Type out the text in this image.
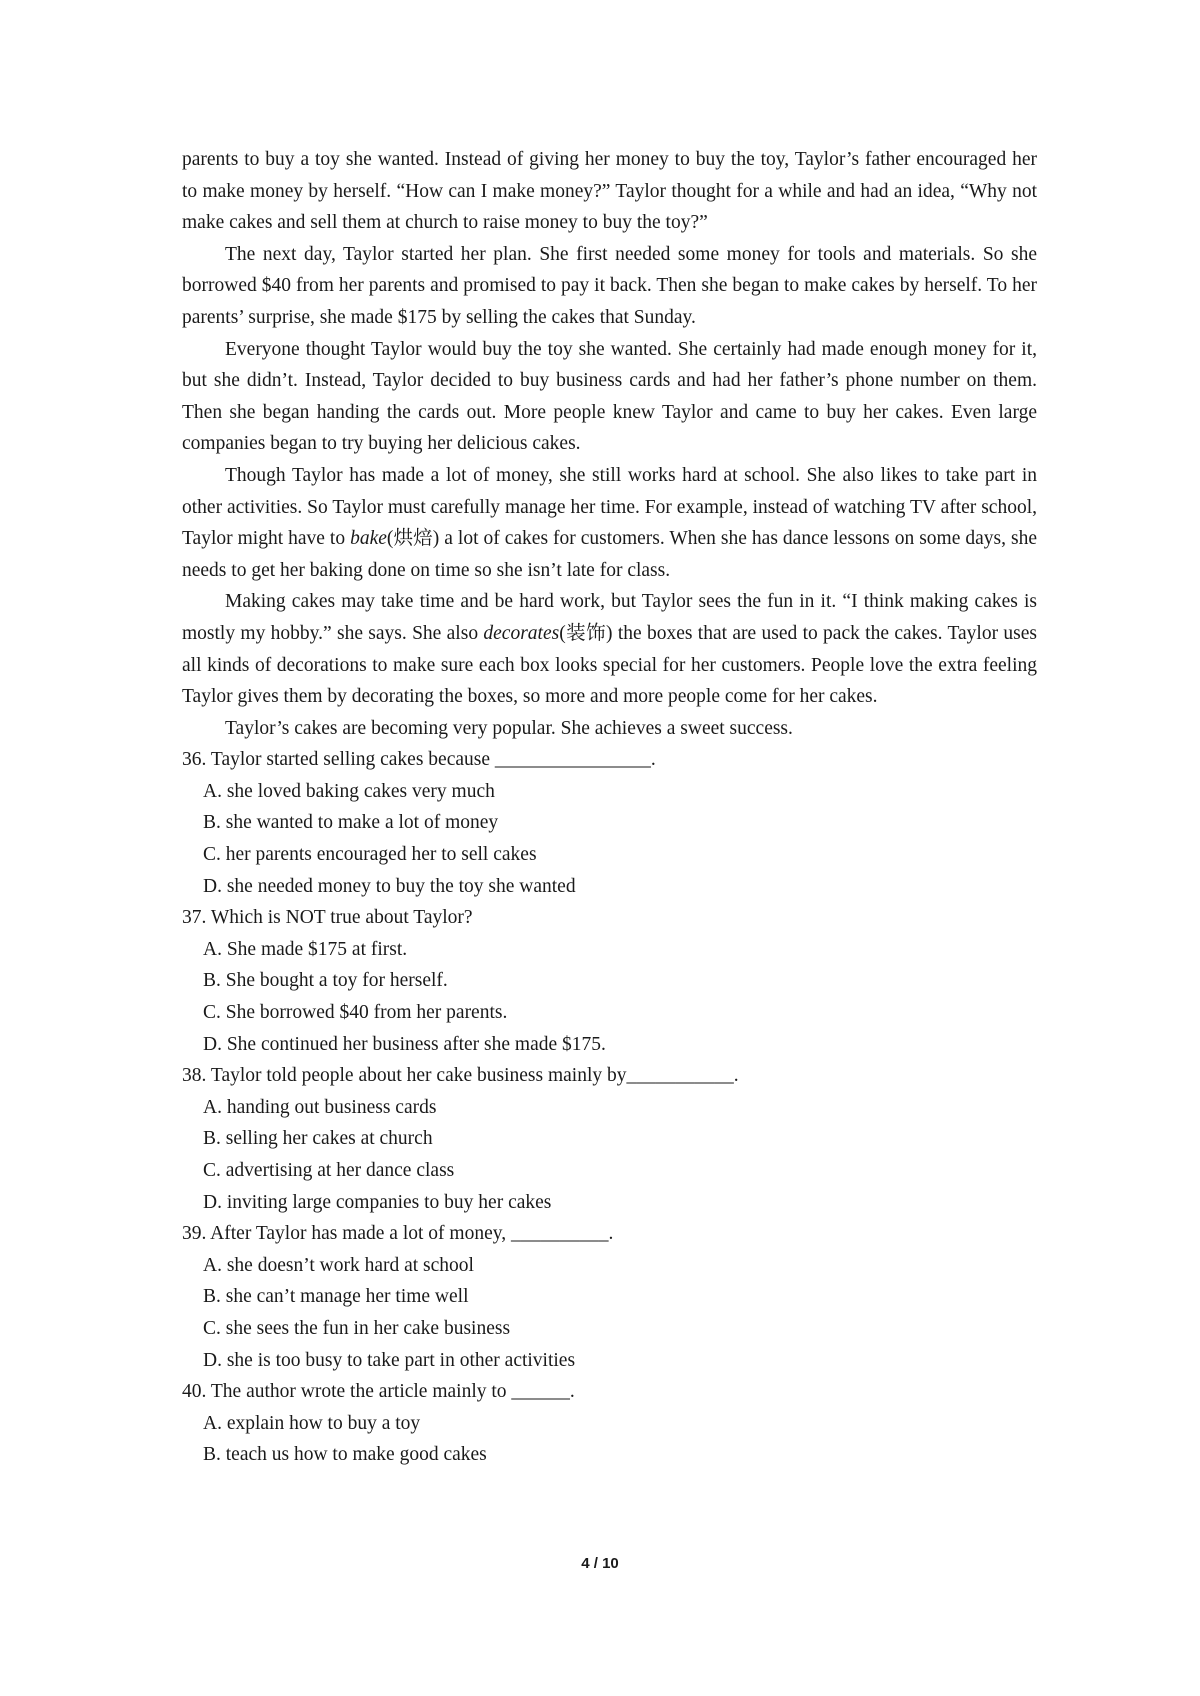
parents to buy a toy she wanted. Instead of giving her money to buy the toy, Taylor’s father encouraged her to make money by herself. “How can I make money?” Taylor thought for a while and had an idea, “Why not make cakes and sell them at church to raise money to buy the toy?”

The next day, Taylor started her plan. She first needed some money for tools and materials. So she borrowed $40 from her parents and promised to pay it back. Then she began to make cakes by herself. To her parents’ surprise, she made $175 by selling the cakes that Sunday.

Everyone thought Taylor would buy the toy she wanted. She certainly had made enough money for it, but she didn’t. Instead, Taylor decided to buy business cards and had her father’s phone number on them. Then she began handing the cards out. More people knew Taylor and came to buy her cakes. Even large companies began to try buying her delicious cakes.

Though Taylor has made a lot of money, she still works hard at school. She also likes to take part in other activities. So Taylor must carefully manage her time. For example, instead of watching TV after school, Taylor might have to bake(烘焙) a lot of cakes for customers. When she has dance lessons on some days, she needs to get her baking done on time so she isn’t late for class.

Making cakes may take time and be hard work, but Taylor sees the fun in it. “I think making cakes is mostly my hobby.” she says. She also decorates(装饰) the boxes that are used to pack the cakes. Taylor uses all kinds of decorations to make sure each box looks special for her customers. People love the extra feeling Taylor gives them by decorating the boxes, so more and more people come for her cakes.

Taylor’s cakes are becoming very popular. She achieves a sweet success.

36. Taylor started selling cakes because ________________.

A. she loved baking cakes very much

B. she wanted to make a lot of money

C. her parents encouraged her to sell cakes

D. she needed money to buy the toy she wanted

37. Which is NOT true about Taylor?

A. She made $175 at first.

B. She bought a toy for herself.

C. She borrowed $40 from her parents.

D. She continued her business after she made $175.

38. Taylor told people about her cake business mainly by___________.

A. handing out business cards

B. selling her cakes at church

C. advertising at her dance class

D. inviting large companies to buy her cakes

39. After Taylor has made a lot of money, __________.

A. she doesn’t work hard at school

B. she can’t manage her time well

C. she sees the fun in her cake business

D. she is too busy to take part in other activities

40. The author wrote the article mainly to ______.

A. explain how to buy a toy

B. teach us how to make good cakes

4 / 10
